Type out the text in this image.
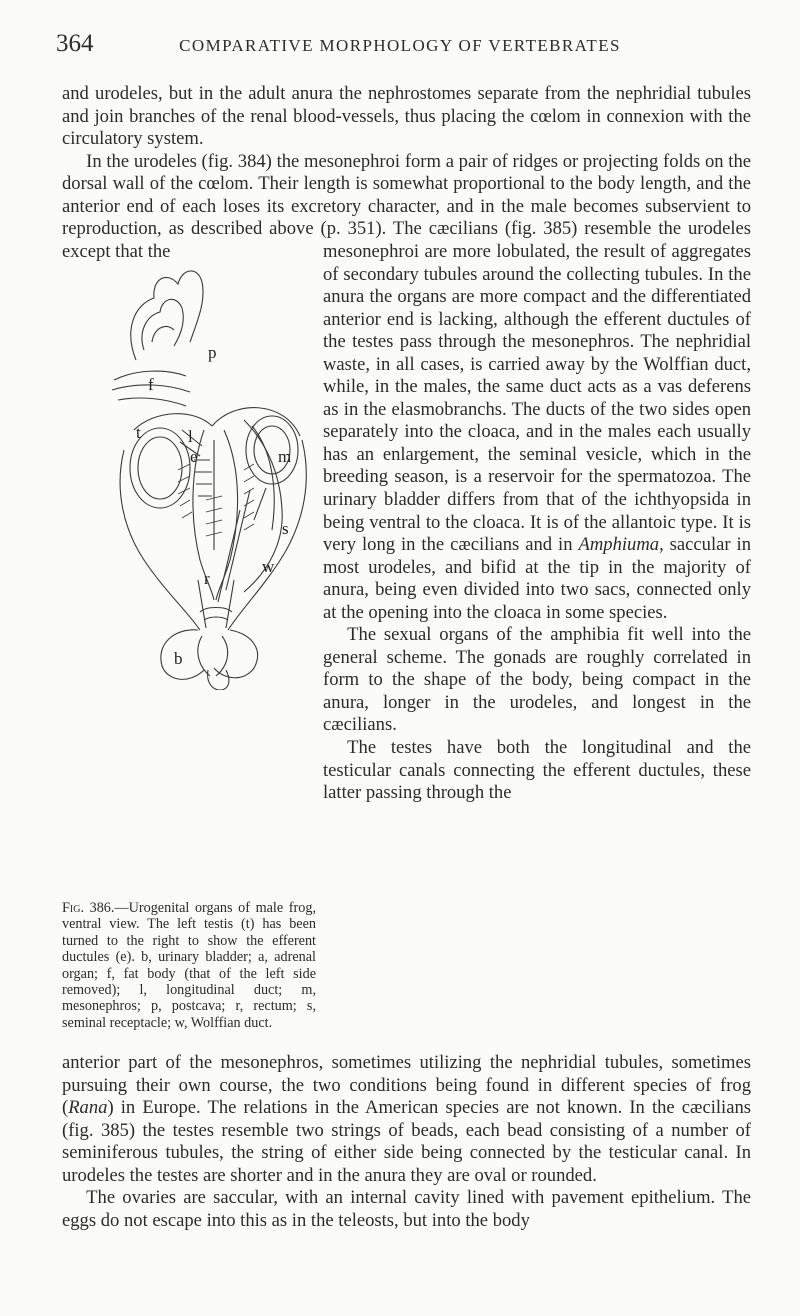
364	COMPARATIVE MORPHOLOGY OF VERTEBRATES

and urodeles, but in the adult anura the nephrostomes separate from the nephridial tubules and join branches of the renal blood-vessels, thus placing the cœlom in connexion with the circulatory system.

In the urodeles (fig. 384) the mesonephroi form a pair of ridges or projecting folds on the dorsal wall of the cœlom. Their length is somewhat proportional to the body length, and the anterior end of each loses its excretory character, and in the male becomes subservient to reproduction, as described above (p. 351). The cæcilians (fig. 385) resemble the urodeles except that the

p
f
t	l
e	m
s
w
r
b

mesonephroi are more lobulated, the result of aggregates of secondary tubules around the collecting tubules. In the anura the organs are more compact and the differentiated anterior end is lacking, although the efferent ductules of the testes pass through the mesonephros. The nephridial waste, in all cases, is carried away by the Wolffian duct, while, in the males, the same duct acts as a vas deferens as in the elasmobranchs. The ducts of the two sides open separately into the cloaca, and in the males each usually has an enlargement, the seminal vesicle, which in the breeding season, is a reservoir for the spermatozoa. The urinary bladder differs from that of the ichthyopsida in being ventral to the cloaca. It is of the allantoic type. It is very long in the cæcilians and in Amphiuma, saccular in most urodeles, and bifid at the tip in the majority of anura, being even divided into two sacs, connected only at the opening into the cloaca in some species.

The sexual organs of the amphibia fit well into the general scheme. The gonads are roughly correlated in form to the shape of the body, being compact in the anura, longer in the urodeles, and longest in the cæcilians.

The testes have both the longitudinal and the testicular canals connecting the efferent ductules, these latter passing through the

Fig. 386.—Urogenital organs of male frog, ventral view. The left testis (t) has been turned to the right to show the efferent ductules (e). b, urinary bladder; a, adrenal organ; f, fat body (that of the left side removed); l, longitudinal duct; m, mesonephros; p, postcava; r, rectum; s, seminal receptacle; w, Wolffian duct.

anterior part of the mesonephros, sometimes utilizing the nephridial tubules, sometimes pursuing their own course, the two conditions being found in different species of frog (Rana) in Europe. The relations in the American species are not known. In the cæcilians (fig. 385) the testes resemble two strings of beads, each bead consisting of a number of seminiferous tubules, the string of either side being connected by the testicular canal. In urodeles the testes are shorter and in the anura they are oval or rounded.

The ovaries are saccular, with an internal cavity lined with pavement epithelium. The eggs do not escape into this as in the teleosts, but into the body
